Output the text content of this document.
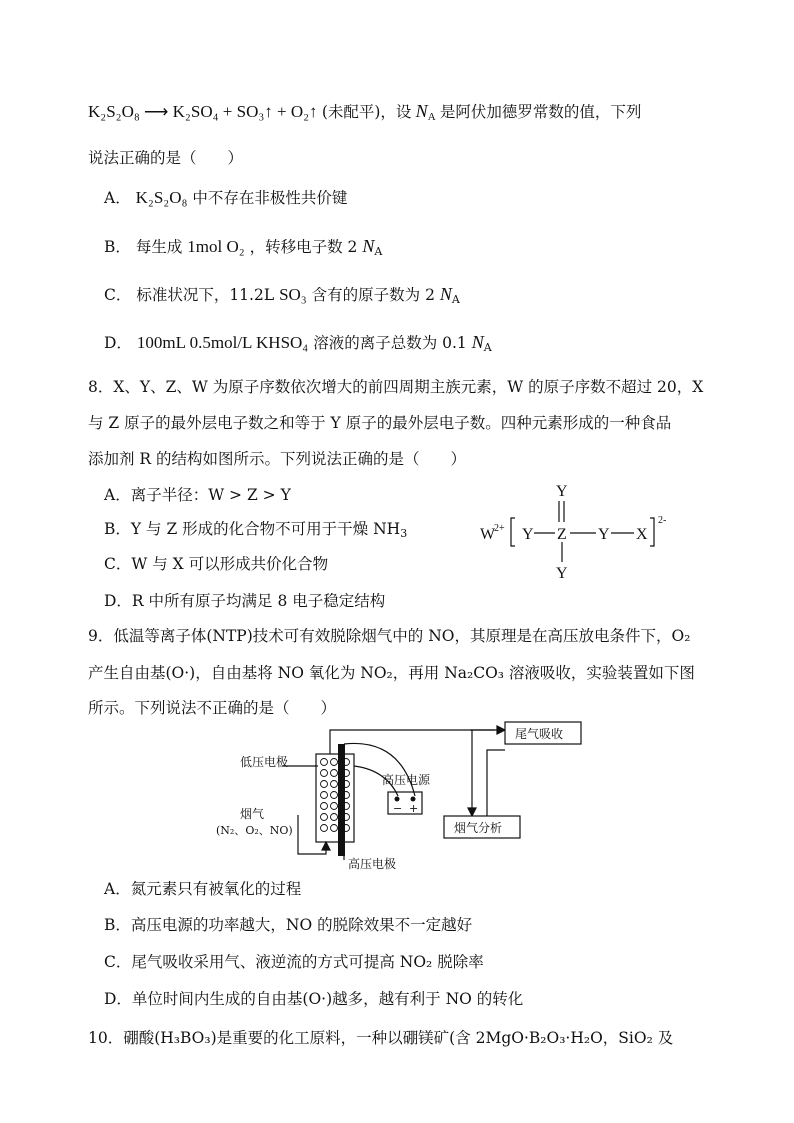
K₂S₂O₈ ⟶ K₂SO₄ + SO₃↑ + O₂↑ (未配平)，设 $N_A$ 是阿伏加德罗常数的值，下列
说法正确的是（　　）
A． K₂S₂O₈ 中不存在非极性共价键
B． 每生成 1mol O₂ ，转移电子数 2 $N_A$
C． 标准状况下，11.2L SO₃ 含有的原子数为 2 $N_A$
D． 100mL 0.5mol/L KHSO₄ 溶液的离子总数为 0.1 $N_A$
8．X、Y、Z、W 为原子序数依次增大的前四周期主族元素，W 的原子序数不超过 20，X
与 Z 原子的最外层电子数之和等于 Y 原子的最外层电子数。四种元素形成的一种食品
添加剂 R 的结构如图所示。下列说法正确的是（　　）
A．离子半径：W > Z > Y
B．Y 与 Z 形成的化合物不可用于干燥 $NH_3$
C．W 与 X 可以形成共价化合物
D．R 中所有原子均满足 8 电子稳定结构
W
2+
Y
Y Z Y X
Y
2-
9．低温等离子体(NTP)技术可有效脱除烟气中的 NO，其原理是在高压放电条件下，O₂
产生自由基(O·)，自由基将 NO 氧化为 NO₂，再用 Na₂CO₃ 溶液吸收，实验装置如下图
所示。下列说法不正确的是（　　）
低压电极
高压电源
− +
烟气
(N₂、O₂、NO)
高压电极
尾气吸收
烟气分析
A．氮元素只有被氧化的过程
B．高压电源的功率越大，NO 的脱除效果不一定越好
C．尾气吸收采用气、液逆流的方式可提高 NO₂ 脱除率
D．单位时间内生成的自由基(O·)越多，越有利于 NO 的转化
10．硼酸(H₃BO₃)是重要的化工原料，一种以硼镁矿(含 2MgO·B₂O₃·H₂O，SiO₂ 及
